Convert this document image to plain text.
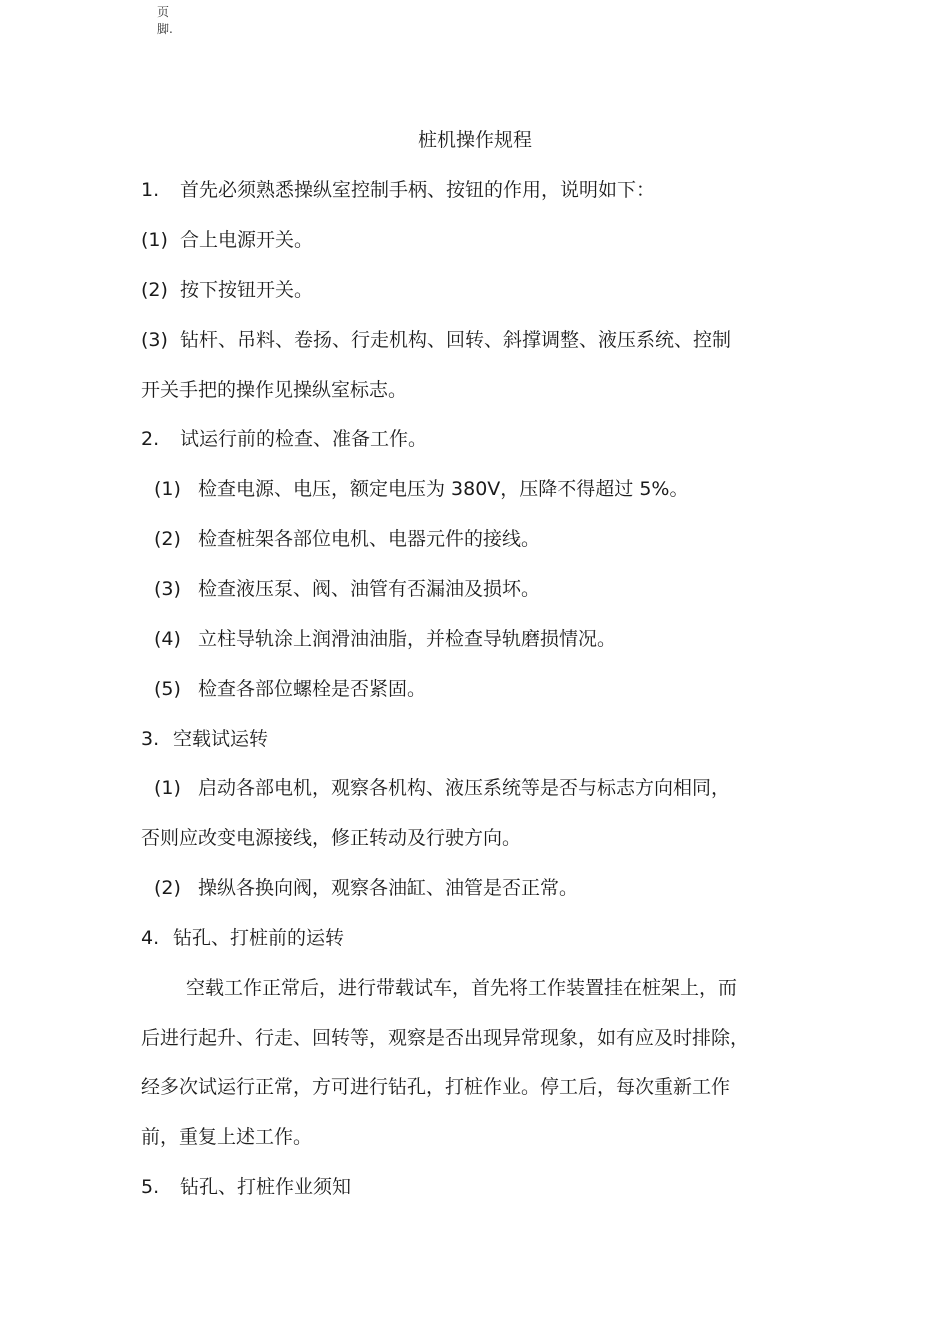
页
脚.
桩机操作规程
1. 首先必须熟悉操纵室控制手柄、按钮的作用，说明如下：
(1) 合上电源开关。
(2) 按下按钮开关。
(3) 钻杆、吊料、卷扬、行走机构、回转、斜撑调整、液压系统、控制
开关手把的操作见操纵室标志。
2. 试运行前的检查、准备工作。
(1) 检查电源、电压，额定电压为 380V，压降不得超过 5%。
(2) 检查桩架各部位电机、电器元件的接线。
(3) 检查液压泵、阀、油管有否漏油及损坏。
(4) 立柱导轨涂上润滑油油脂，并检查导轨磨损情况。
(5) 检查各部位螺栓是否紧固。
3. 空载试运转
(1) 启动各部电机，观察各机构、液压系统等是否与标志方向相同，
否则应改变电源接线，修正转动及行驶方向。
(2) 操纵各换向阀，观察各油缸、油管是否正常。
4. 钻孔、打桩前的运转
空载工作正常后，进行带载试车，首先将工作装置挂在桩架上，而
后进行起升、行走、回转等，观察是否出现异常现象，如有应及时排除，
经多次试运行正常，方可进行钻孔，打桩作业。停工后，每次重新工作
前，重复上述工作。
5. 钻孔、打桩作业须知
